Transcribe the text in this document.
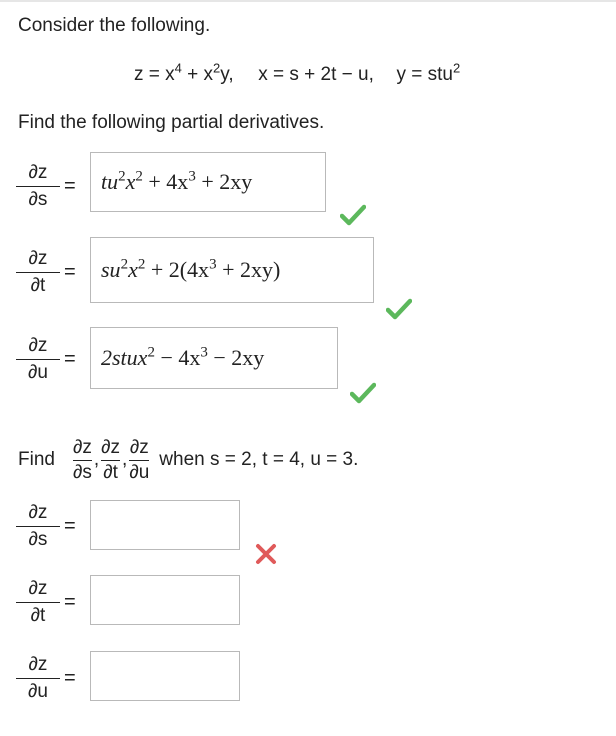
Consider the following.
$z = x^4 + x^2y$, x = s + 2t − u, y = stu$^2$
Find the following partial derivatives.
∂z
∂s
= $tu^2x^2 + 4x^3 + 2xy$
∂z
∂t
= $su^2x^2 + 2(4x^3 + 2xy)$
∂z
∂u
= 2stux$^2$ − $4x^3 - 2xy$
Find
∂z
∂s
,
∂z
∂t
,
∂z
∂u
when s = 2, t = 4, u = 3.
∂z
∂s
=
∂z
∂t
=
∂z
∂u
=
